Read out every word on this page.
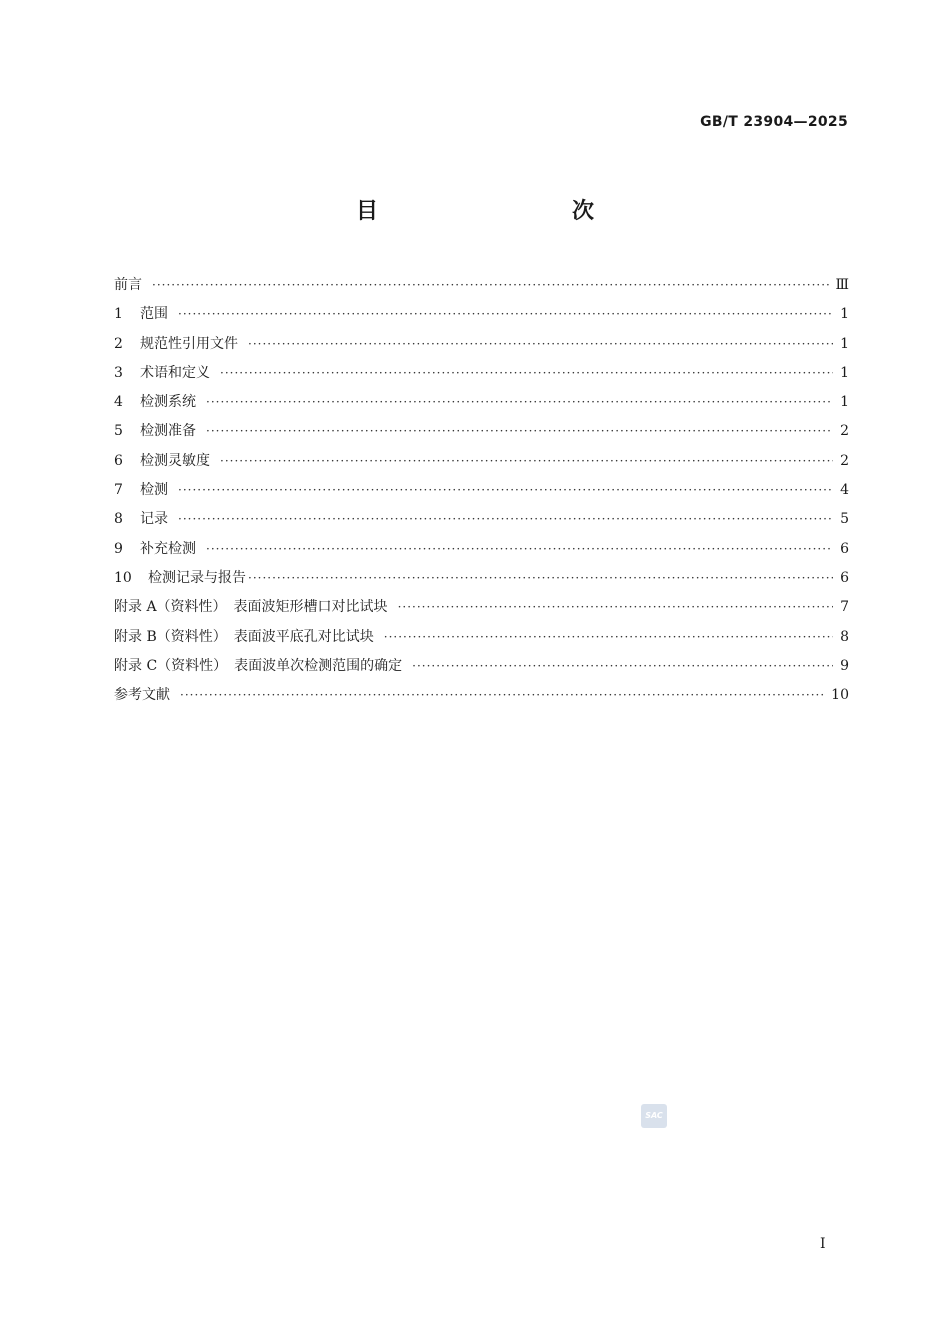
GB/T 23904—2025
目　　次
前言 ·····	Ⅲ
1	范围 ·····	1
2	规范性引用文件 ·····	1
3	术语和定义 ·····	1
4	检测系统 ·····	1
5	检测准备 ·····	2
6	检测灵敏度 ·····	2
7	检测 ·····	4
8	记录 ·····	5
9	补充检测 ·····	6
10	检测记录与报告 ·····	6
附录 A（资料性）　表面波矩形槽口对比试块 ·····	7
附录 B（资料性）　表面波平底孔对比试块 ·····	8
附录 C（资料性）　表面波单次检测范围的确定 ·····	9
参考文献 ·····	10
SAC
I
